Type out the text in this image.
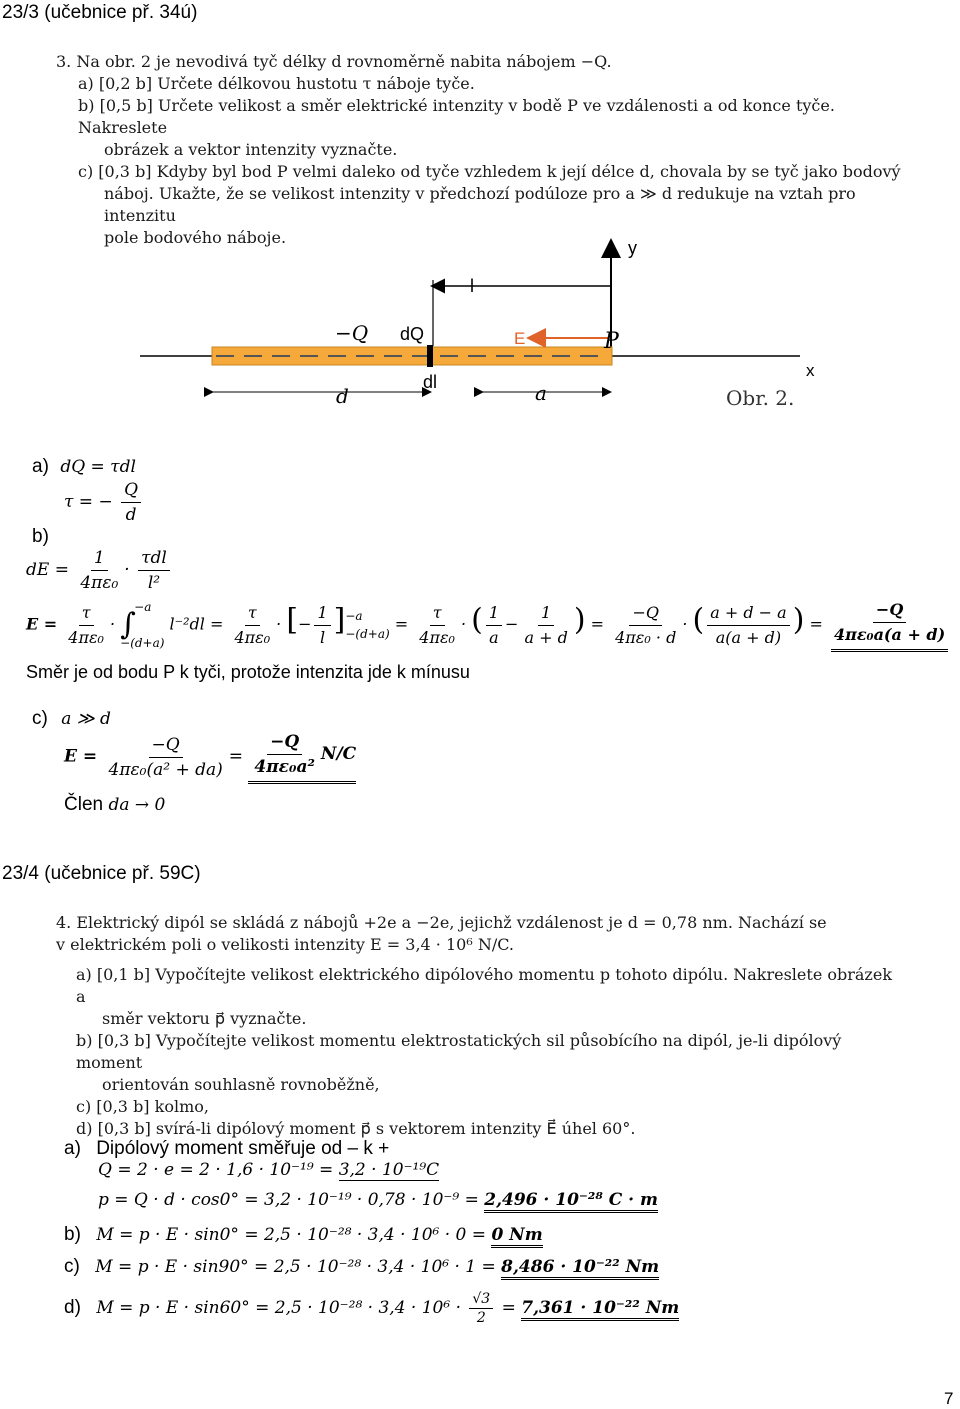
23/3 (učebnice př. 34ú)

3. Na obr. 2 je nevodivá tyč délky d rovnoměrně nabita nábojem −Q.

a) [0,2 b] Určete délkovou hustotu τ náboje tyče.

b) [0,5 b] Určete velikost a směr elektrické intenzity v bodě P ve vzdálenosti a od konce tyče. Nakreslete

obrázek a vektor intenzity vyznačte.

c) [0,3 b] Kdyby byl bod P velmi daleko od tyče vzhledem k její délce d, chovala by se tyč jako bodový

náboj. Ukažte, že se velikost intenzity v předchozí podúloze pro a ≫ d redukuje na vztah pro intenzitu

pole bodového náboje.

−Q dQ
dl
l
E	P
y
x
d	a	Obr. 2.
a) dQ = τdl
τ = − $\frac{Q}{d}$
b)
dE = $\frac{1}{\text{4πε₀}} \cdot \frac{\text{τdl}}{\text{l²}}$
$E = \frac{\tau}{\text{4πε₀}}$ ·
−a
∫
−(d+a)
$l^{-2}dl = \frac{\tau}{\text{4πε₀}}$ · [− $\frac{1}{l}$ ] −a
−(d+a)
= $\frac{\tau}{\text{4πε₀}}$ · ( $\frac{1}{a} - \frac{1}{a + d}$ ) = $\frac{-Q}{\text{4πε₀ · d}}$ · ( $\frac{a + d - a}{a(a + d)}$ ) = $\frac{-Q}{\text{4πε₀a(a + d)}}$
Směr je od bodu P k tyči, protože intenzita jde k mínusu
c) a ≫ d
$E = \frac{-Q}{\text{4πε₀(a² + da)}} = \frac{-Q}{\text{4πε₀a²}} N/C$
Člen da → 0
23/4 (učebnice př. 59C)

4. Elektrický dipól se skládá z nábojů +2e a −2e, jejichž vzdálenost je d = 0,78 nm. Nachází se

v elektrickém poli o velikosti intenzity E = 3,4 · 10⁶ N/C.

a) [0,1 b] Vypočítejte velikost elektrického dipólového momentu p tohoto dipólu. Nakreslete obrázek a

směr vektoru p⃗ vyznačte.

b) [0,3 b] Vypočítejte velikost momentu elektrostatických sil působícího na dipól, je-li dipólový moment

orientován souhlasně rovnoběžně,

c) [0,3 b] kolmo,

d) [0,3 b] svírá-li dipólový moment p⃗ s vektorem intenzity E⃗ úhel 60°.

a) Dipólový moment směřuje od – k +
Q = 2 · e = 2 · 1,6 · 10⁻¹⁹ = 3,2 · 10⁻¹⁹C
p = Q · d · cos0° = 3,2 · 10⁻¹⁹ · 0,78 · 10⁻⁹ = 2,496 · 10⁻²⁸ C · m
b) M = p · E · sin0° = 2,5 · 10⁻²⁸ · 3,4 · 10⁶ · 0 = 0 Nm
c) M = p · E · sin90° = 2,5 · 10⁻²⁸ · 3,4 · 10⁶ · 1 = 8,486 · 10⁻²² Nm
d) $M = p \cdot E \cdot \sin 60^\circ = 2,5 \cdot 10^{-28} \cdot 3,4 \cdot 10^6 \cdot \frac{√3}{2} = 7,361 \cdot 10^{-22}$ Nm
7
